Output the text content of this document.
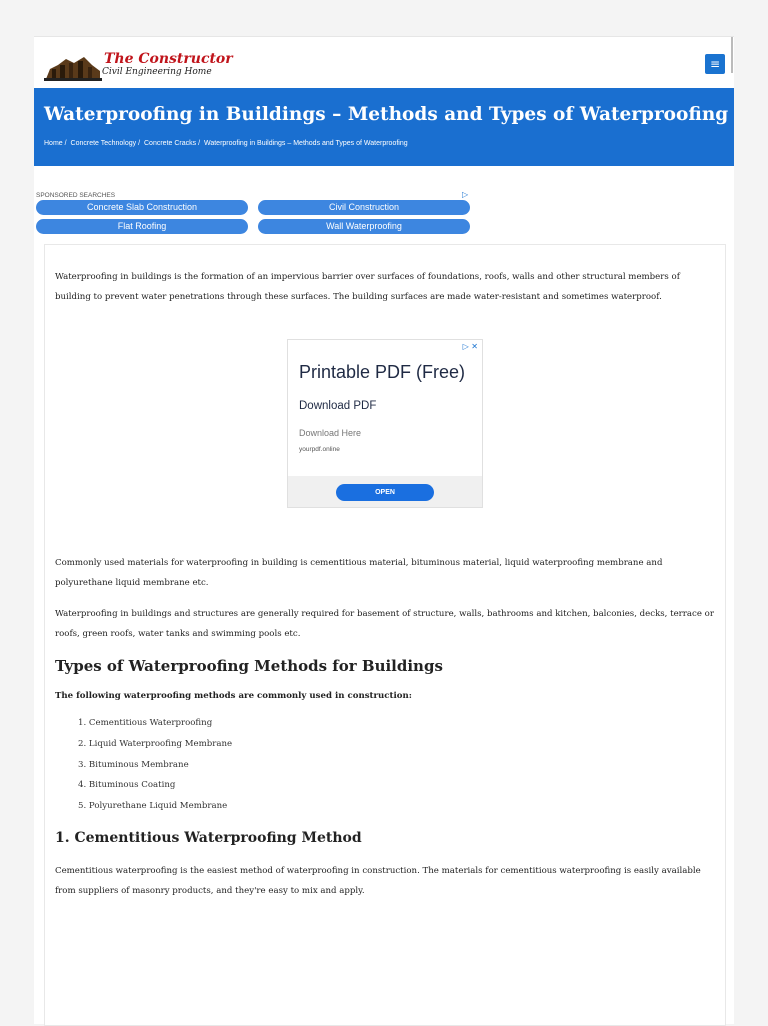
The Constructor
Civil Engineering Home
≡
Waterproofing in Buildings – Methods and Types of Waterproofing
Home / Concrete Technology / Concrete Cracks / Waterproofing in Buildings – Methods and Types of Waterproofing
SPONSORED SEARCHES	▷
Concrete Slab Construction	Civil Construction
Flat Roofing	Wall Waterproofing

Waterproofing in buildings is the formation of an impervious barrier over surfaces of foundations, roofs, walls and other structural members of building to prevent water penetrations through these surfaces. The building surfaces are made water-resistant and sometimes waterproof.

▷ ✕
Printable PDF (Free)
Download PDF
Download Here
yourpdf.online
OPEN

Commonly used materials for waterproofing in building is cementitious material, bituminous material, liquid waterproofing membrane and polyurethane liquid membrane etc.

Waterproofing in buildings and structures are generally required for basement of structure, walls, bathrooms and kitchen, balconies, decks, terrace or roofs, green roofs, water tanks and swimming pools etc.

Types of Waterproofing Methods for Buildings
The following waterproofing methods are commonly used in construction:
1. Cementitious Waterproofing
2. Liquid Waterproofing Membrane
3. Bituminous Membrane
4. Bituminous Coating
5. Polyurethane Liquid Membrane
1. Cementitious Waterproofing Method

Cementitious waterproofing is the easiest method of waterproofing in construction. The materials for cementitious waterproofing is easily available from suppliers of masonry products, and they're easy to mix and apply.
